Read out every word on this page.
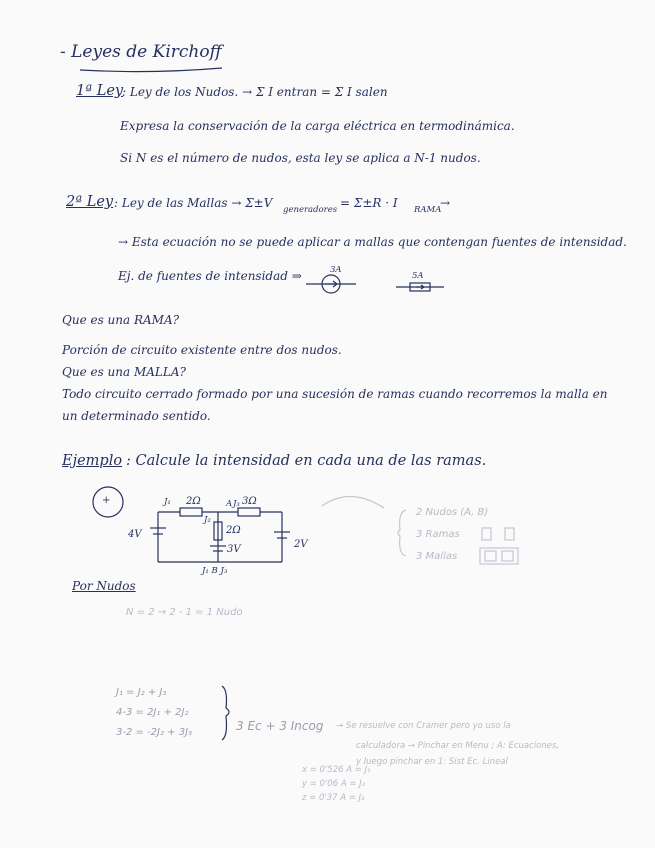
- Leyes de Kirchoff
1ª Ley
: Ley de los Nudos. → Σ I entran = Σ I salen
Expresa la conservación de la carga eléctrica en termodinámica.
Si N es el número de nudos, esta ley se aplica a N-1 nudos.
2ª Ley : Ley de las Mallas → Σ±V generadores = Σ±R · I RAMA
→
→ Esta ecuación no se puede aplicar a mallas que contengan fuentes de intensidad.
Ej. de fuentes de intensidad ⇒	3A
5A
Que es una RAMA?
Porción de circuito existente entre dos nudos.
Que es una MALLA?
Todo circuito cerrado formado por una sucesión de ramas cuando recorremos la malla en
un determinado sentido.
Ejemplo : Calcule la intensidad en cada una de las ramas.
+
4V
2Ω	3Ω
J₁	A
J₂
J₃
2Ω
3V	2V
J₁ B J₃
2 Nudos (A, B)
3 Ramas
3 Mallas
Por Nudos
N = 2 → 2 - 1 = 1 Nudo
J₁ = J₂ + J₃
4-3 = 2J₁ + 2J₂
3-2 = -2J₂ + 3J₃	3 Ec + 3 Incog → Se resuelve con Cramer pero yo uso la
calculadora → Pinchar en Menu ; A: Ecuaciones,
y luego pinchar en 1: Sist Ec. Lineal
x = 0'526 A = J₁
y = 0'06 A = J₂
z = 0'37 A = J₃
